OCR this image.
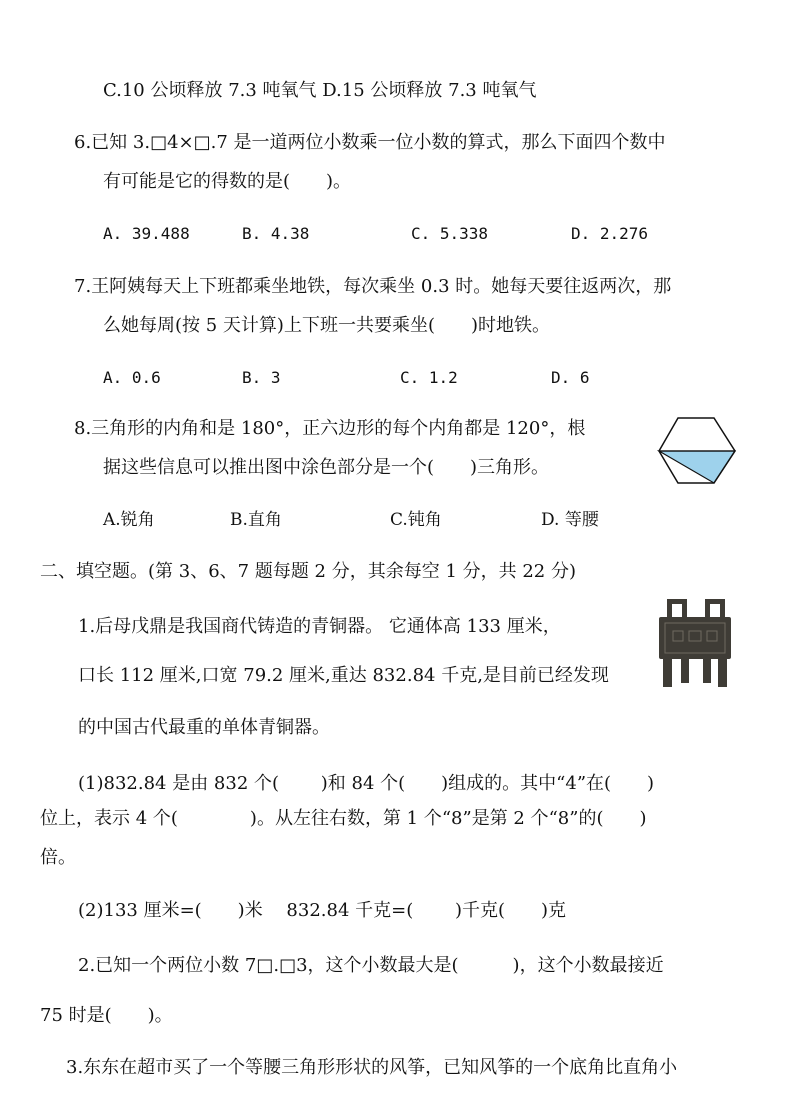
C.10 公顷释放 7.3 吨氧气 D.15 公顷释放 7.3 吨氧气
6.已知 3.□4×□.7 是一道两位小数乘一位小数的算式，那么下面四个数中
有可能是它的得数的是(　　)。
A. 39.488	B. 4.38	C. 5.338	D. 2.276
7.王阿姨每天上下班都乘坐地铁，每次乘坐 0.3 时。她每天要往返两次，那
么她每周(按 5 天计算)上下班一共要乘坐(　　)时地铁。
A. 0.6	B. 3	C. 1.2	D. 6
8.三角形的内角和是 180°，正六边形的每个内角都是 120°，根
据这些信息可以推出图中涂色部分是一个(　　)三角形。
A.锐角	B.直角	C.钝角	D. 等腰
二、填空题。(第 3、6、7 题每题 2 分，其余每空 1 分，共 22 分)
1.后母戊鼎是我国商代铸造的青铜器。 它通体高 133 厘米，
口长 112 厘米,口宽 79.2 厘米,重达 832.84 千克,是目前已经发现
的中国古代最重的单体青铜器。
(1)832.84 是由 832 个(　　 )和 84 个(　　)组成的。其中“4”在(　　)
位上，表示 4 个(　　　　)。从左往右数，第 1 个“8”是第 2 个“8”的(　　)
倍。
(2)133 厘米=(　　)米　 832.84 千克=(　　 )千克(　　)克
2.已知一个两位小数 7□.□3，这个小数最大是(　　　)，这个小数最接近
75 时是(　　)。
3.东东在超市买了一个等腰三角形形状的风筝，已知风筝的一个底角比直角小
